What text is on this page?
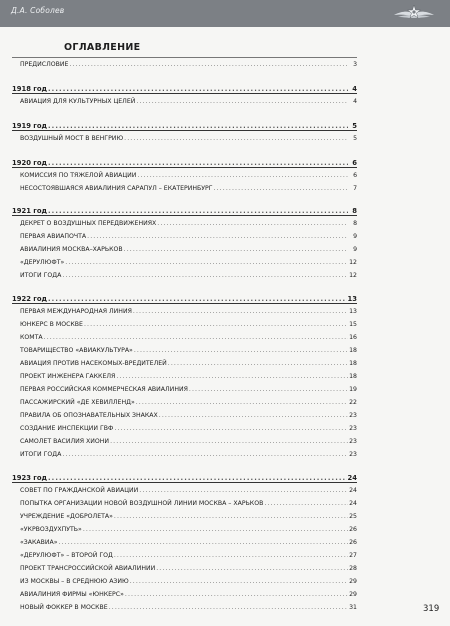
Д.А. Соболев
ОГЛАВЛЕНИЕ
ПРЕДИСЛОВИЕ .....	3
1918 год .....	4
АВИАЦИЯ ДЛЯ КУЛЬТУРНЫХ ЦЕЛЕЙ .....	4
1919 год .....	5
ВОЗДУШНЫЙ МОСТ В ВЕНГРИЮ .....	5
1920 год .....	6
КОМИССИЯ ПО ТЯЖЕЛОЙ АВИАЦИИ .....	6
НЕСОСТОЯВШАЯСЯ АВИАЛИНИЯ САРАПУЛ – ЕКАТЕРИНБУРГ .....	7
1921 год .....	8
ДЕКРЕТ О ВОЗДУШНЫХ ПЕРЕДВИЖЕНИЯХ .....	8
ПЕРВАЯ АВИАПОЧТА .....	9
АВИАЛИНИЯ МОСКВА–ХАРЬКОВ .....	9
«ДЕРУЛЮФТ» .....	12
ИТОГИ ГОДА .....	12
1922 год .....	13
ПЕРВАЯ МЕЖДУНАРОДНАЯ ЛИНИЯ .....	13
ЮНКЕРС В МОСКВЕ .....	15
КОМТА .....	16
ТОВАРИЩЕСТВО «АВИАКУЛЬТУРА» .....	18
АВИАЦИЯ ПРОТИВ НАСЕКОМЫХ-ВРЕДИТЕЛЕЙ .....	18
ПРОЕКТ ИНЖЕНЕРА ГАККЕЛЯ .....	18
ПЕРВАЯ РОССИЙСКАЯ КОММЕРЧЕСКАЯ АВИАЛИНИЯ .....	19
ПАССАЖИРСКИЙ «ДЕ ХЕВИЛЛЕНД» .....	22
ПРАВИЛА ОБ ОПОЗНАВАТЕЛЬНЫХ ЗНАКАХ .....	23
СОЗДАНИЕ ИНСПЕКЦИИ ГВФ .....	23
САМОЛЕТ ВАСИЛИЯ ХИОНИ .....	23
ИТОГИ ГОДА .....	23
1923 год .....	24
СОВЕТ ПО ГРАЖДАНСКОЙ АВИАЦИИ .....	24
ПОПЫТКА ОРГАНИЗАЦИИ НОВОЙ ВОЗДУШНОЙ ЛИНИИ МОСКВА – ХАРЬКОВ .....	24
УЧРЕЖДЕНИЕ «ДОБРОЛЕТА» .....	25
«УКРВОЗДУХПУТЬ» .....	26
«ЗАКАВИА» .....	26
«ДЕРУЛЮФТ» – ВТОРОЙ ГОД .....	27
ПРОЕКТ ТРАНСРОССИЙСКОЙ АВИАЛИНИИ .....	28
ИЗ МОСКВЫ – В СРЕДНЮЮ АЗИЮ .....	29
АВИАЛИНИЯ ФИРМЫ «ЮНКЕРС» .....	29
НОВЫЙ ФОККЕР В МОСКВЕ .....	31	319
